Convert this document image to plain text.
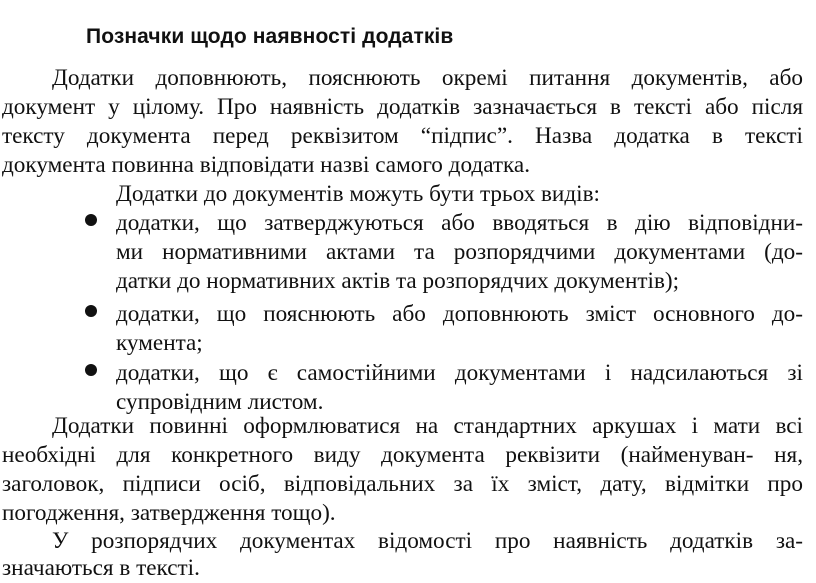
Позначки щодо наявності додатків
Додатки доповнюють, пояснюють окремі питання документів, або
документ у цілому. Про наявність додатків зазначається в тексті або після
тексту документа перед реквізитом “підпис”. Назва додатка в тексті
документа повинна відповідати назві самого додатка.
Додатки до документів можуть бути трьох видів:
додатки, що затверджуються або вводяться в дію відповідни-
ми нормативними актами та розпорядчими документами (до-
датки до нормативних актів та розпорядчих документів);
додатки, що пояснюють або доповнюють зміст основного до-
кумента;
додатки, що є самостійними документами і надсилаються зі
супровідним листом.
Додатки повинні оформлюватися на стандартних аркушах і мати всі
необхідні для конкретного виду документа реквізити (найменуван- ня,
заголовок, підписи осіб, відповідальних за їх зміст, дату, відмітки про
погодження, затвердження тощо).
У розпорядчих документах відомості про наявність додатків за-
значаються в тексті.
